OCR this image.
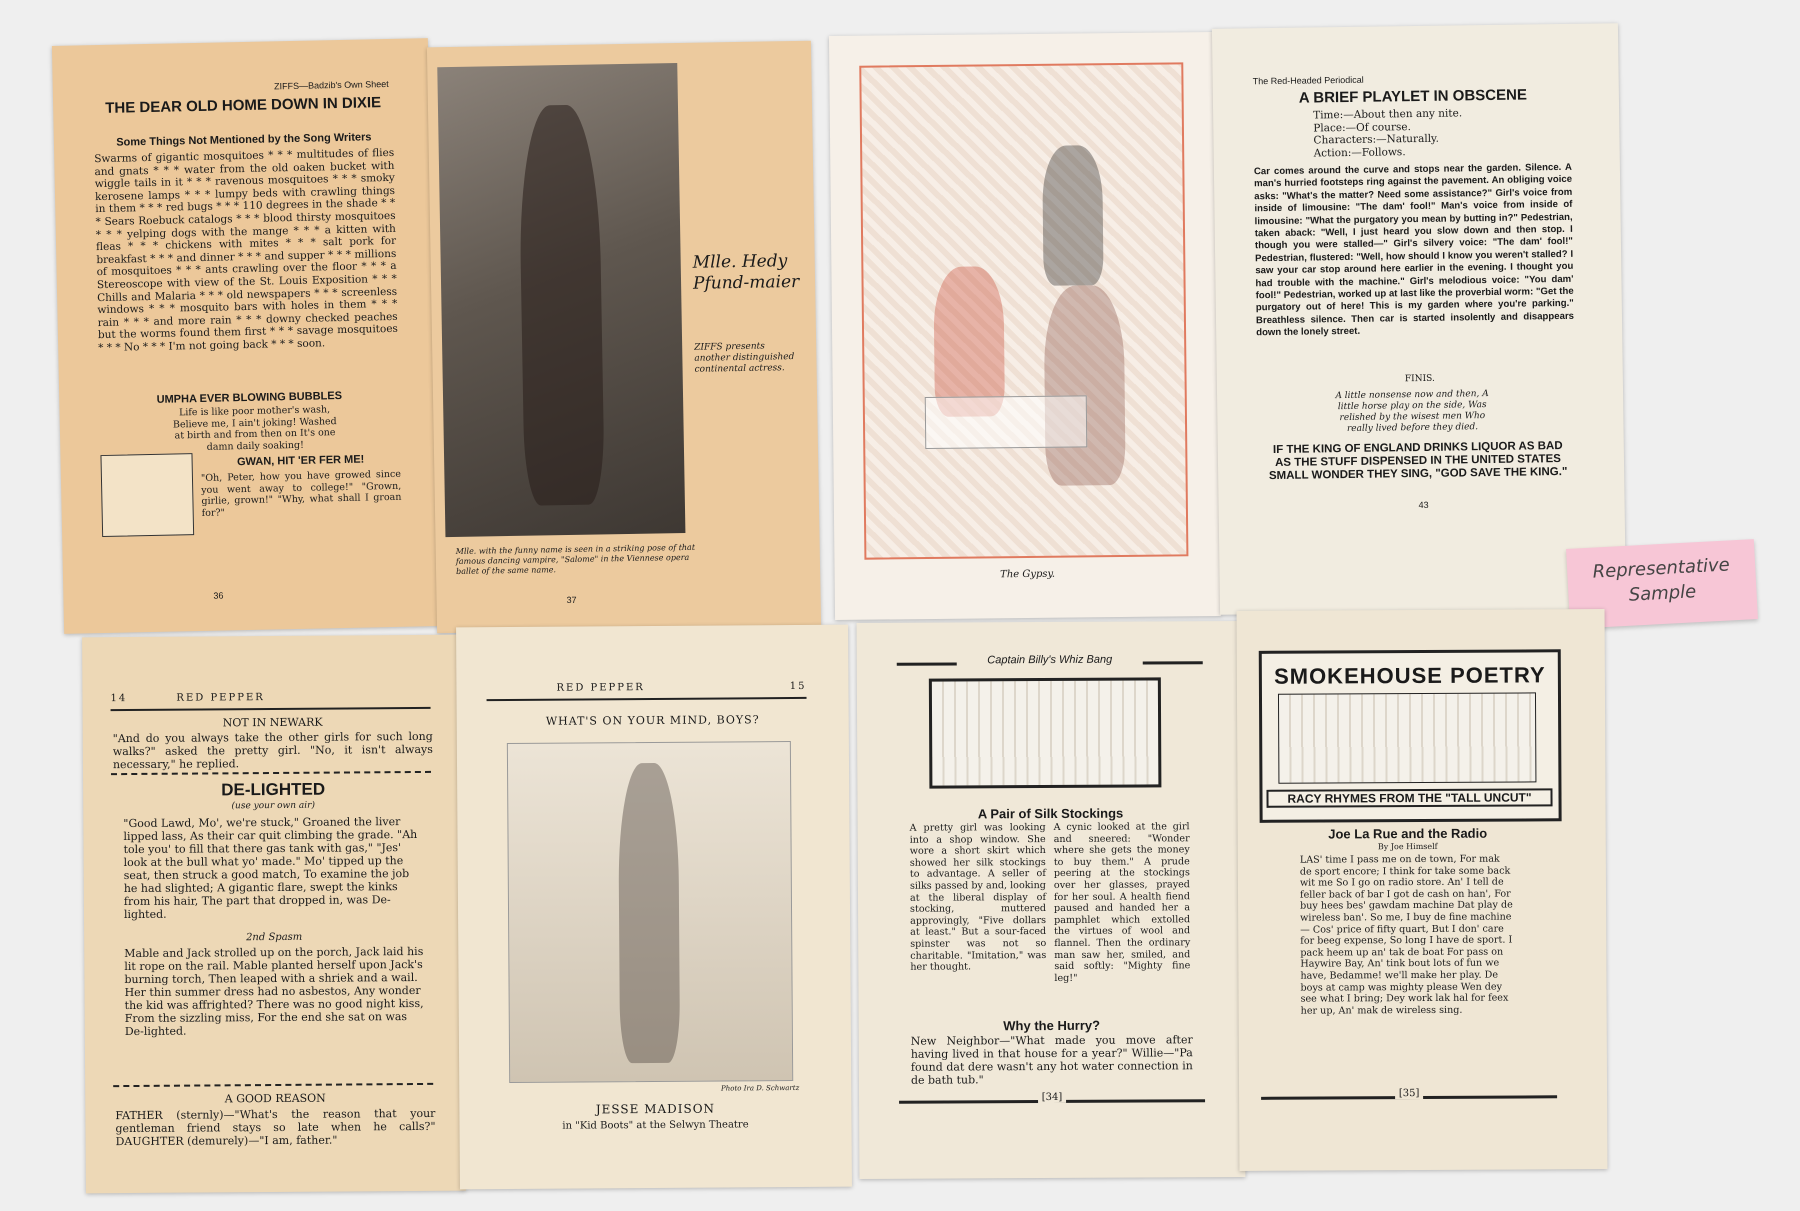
ZIFFS—Badzib's Own Sheet
THE DEAR OLD HOME DOWN IN DIXIE
Some Things Not Mentioned by the Song Writers
Swarms of gigantic mosquitoes * * * multitudes of flies and gnats * * * water from the old oaken bucket with wiggle tails in it * * * ravenous mosquitoes * * * smoky kerosene lamps * * * lumpy beds with crawling things in them * * * red bugs * * * 110 degrees in the shade * * * Sears Roebuck catalogs * * * blood thirsty mosquitoes * * * yelping dogs with the mange * * * a kitten with fleas * * * chickens with mites * * * salt pork for breakfast * * * and dinner * * * and supper * * * millions of mosquitoes * * * ants crawling over the floor * * * a Stereoscope with view of the St. Louis Exposition * * * Chills and Malaria * * * old newspapers * * * screenless windows * * * mosquito bars with holes in them * * * rain * * * and more rain * * * downy checked peaches but the worms found them first * * * savage mosquitoes * * * No * * * I'm not going back * * * soon.
UMPHA EVER BLOWING BUBBLES
Life is like poor mother's wash, Believe me, I ain't joking! Washed at birth and from then on It's one damn daily soaking!
GWAN, HIT 'ER FER ME!
"Oh, Peter, how you have growed since you went away to college!" "Grown, girlie, grown!" "Why, what shall I groan for?"
36
Mlle. Hedy Pfund-maier
ZIFFS presents another distinguished continental actress.
Mlle. with the funny name is seen in a striking pose of that famous dancing vampire, "Salome" in the Viennese opera ballet of the same name.
37
The Gypsy.
The Red-Headed Periodical
A BRIEF PLAYLET IN OBSCENE
Time:—About then any nite.
Place:—Of course.
Characters:—Naturally.
Action:—Follows.
Car comes around the curve and stops near the garden. Silence. A man's hurried footsteps ring against the pavement. An obliging voice asks: "What's the matter? Need some assistance?" Girl's voice from inside of limousine: "The dam' fool!" Man's voice from inside of limousine: "What the purgatory you mean by butting in?" Pedestrian, taken aback: "Well, I just heard you slow down and then stop. I though you were stalled—" Girl's silvery voice: "The dam' fool!" Pedestrian, flustered: "Well, how should I know you weren't stalled? I saw your car stop around here earlier in the evening. I thought you had trouble with the machine." Girl's melodious voice: "You dam' fool!" Pedestrian, worked up at last like the proverbial worm: "Get the purgatory out of here! This is my garden where you're parking." Breathless silence. Then car is started insolently and disappears down the lonely street.
FINIS.
A little nonsense now and then, A little horse play on the side, Was relished by the wisest men Who really lived before they died.
IF THE KING OF ENGLAND DRINKS LIQUOR AS BAD AS THE STUFF DISPENSED IN THE UNITED STATES SMALL WONDER THEY SING, "GOD SAVE THE KING."
43
Representative
Sample
14	RED PEPPER
NOT IN NEWARK
"And do you always take the other girls for such long walks?" asked the pretty girl. "No, it isn't always necessary," he replied.
DE-LIGHTED
(use your own air)
"Good Lawd, Mo', we're stuck," Groaned the liver lipped lass, As their car quit climbing the grade. "Ah tole you' to fill that there gas tank with gas," "Jes' look at the bull what yo' made." Mo' tipped up the seat, then struck a good match, To examine the job he had slighted; A gigantic flare, swept the kinks from his hair, The part that dropped in, was De-lighted.
2nd Spasm
Mable and Jack strolled up on the porch, Jack laid his lit rope on the rail. Mable planted herself upon Jack's burning torch, Then leaped with a shriek and a wail. Her thin summer dress had no asbestos, Any wonder the kid was affrighted? There was no good night kiss, From the sizzling miss, For the end she sat on was De-lighted.
A GOOD REASON
FATHER (sternly)—"What's the reason that your gentleman friend stays so late when he calls?" DAUGHTER (demurely)—"I am, father."
RED PEPPER	15
WHAT'S ON YOUR MIND, BOYS?
Photo Ira D. Schwartz
JESSE MADISON
in "Kid Boots" at the Selwyn Theatre
Captain Billy's Whiz Bang
A Pair of Silk Stockings
A pretty girl was looking into a shop window. She wore a short skirt which showed her silk stockings to advantage. A seller of silks passed by and, looking at the liberal display of stocking, muttered approvingly, "Five dollars at least." But a sour-faced spinster was not so charitable. "Imitation," was her thought.
A cynic looked at the girl and sneered: "Wonder where she gets the money to buy them." A prude peering at the stockings over her glasses, prayed for her soul. A health fiend paused and handed her a pamphlet which extolled the virtues of wool and flannel. Then the ordinary man saw her, smiled, and said softly: "Mighty fine leg!"
Why the Hurry?
New Neighbor—"What made you move after having lived in that house for a year?" Willie—"Pa found dat dere wasn't any hot water connection in de bath tub."
[34]
SMOKEHOUSE POETRY
RACY RHYMES FROM THE "TALL UNCUT"
Joe La Rue and the Radio
By Joe Himself
LAS' time I pass me on de town, For mak de sport encore; I think for take some back wit me So I go on radio store. An' I tell de feller back of bar I got de cash on han', For buy hees bes' gawdam machine Dat play de wireless ban'. So me, I buy de fine machine— Cos' price of fifty quart, But I don' care for beeg expense, So long I have de sport. I pack heem up an' tak de boat For pass on Haywire Bay, An' tink bout lots of fun we have, Bedamme! we'll make her play. De boys at camp was mighty please Wen dey see what I bring; Dey work lak hal for feex her up, An' mak de wireless sing.
[35]
